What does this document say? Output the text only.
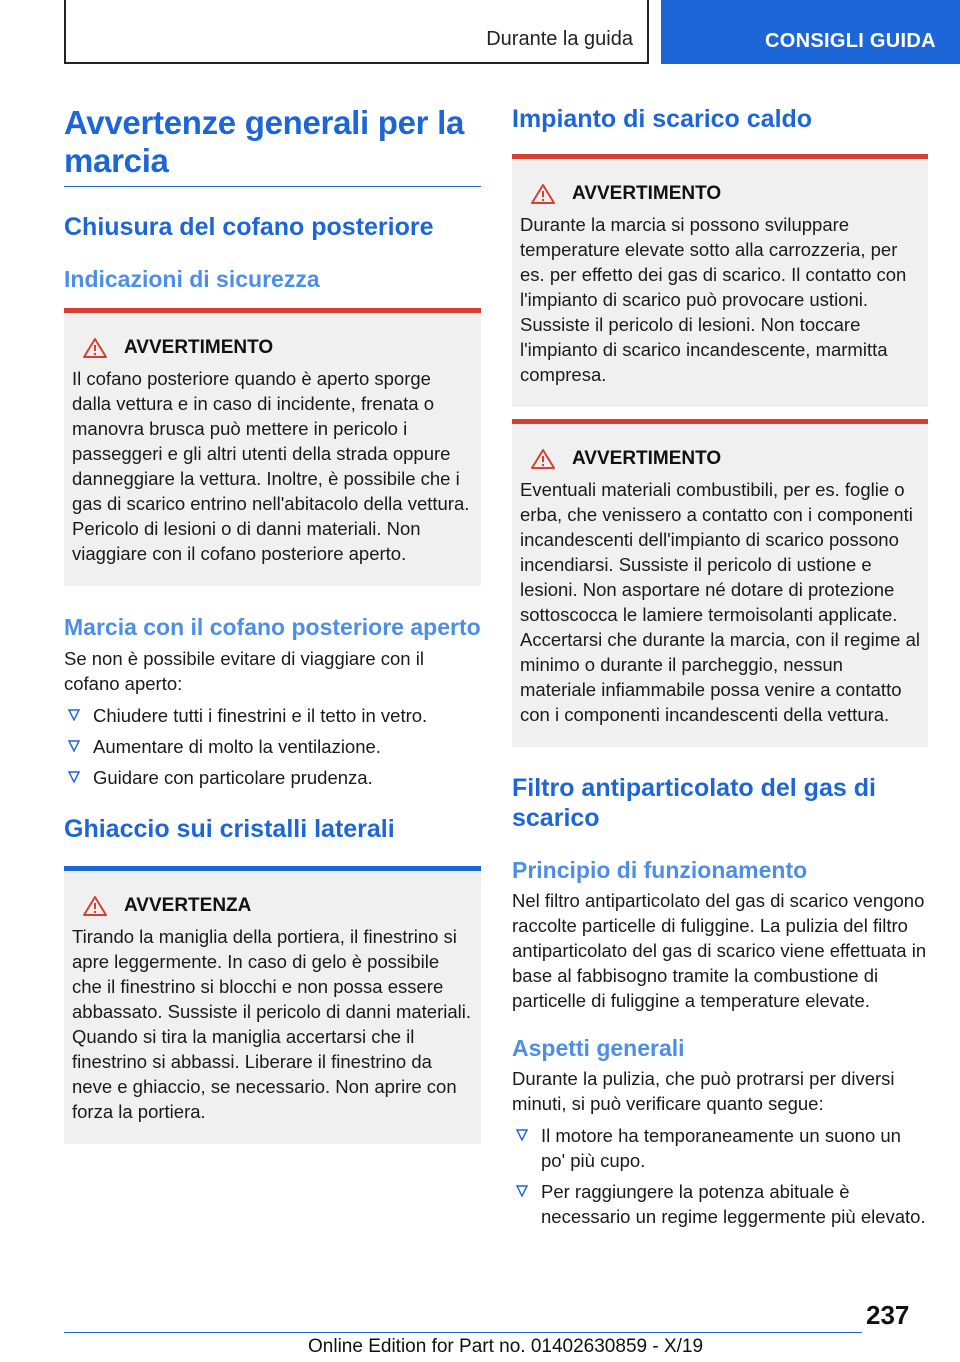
Durante la guida	CONSIGLI GUIDA
Avvertenze generali per la marcia
Chiusura del cofano posteriore
Indicazioni di sicurezza
AVVERTIMENTO

Il cofano posteriore quando è aperto sporge dalla vettura e in caso di incidente, frenata o manovra brusca può mettere in pericolo i passeggeri e gli altri utenti della strada oppure danneggiare la vettura. Inoltre, è possibile che i gas di scarico entrino nell'abitacolo della vettura. Pericolo di lesioni o di danni materiali. Non viaggiare con il cofano posteriore aperto.

Marcia con il cofano posteriore aperto

Se non è possibile evitare di viaggiare con il cofano aperto:

Chiudere tutti i finestrini e il tetto in vetro.
Aumentare di molto la ventilazione.
Guidare con particolare prudenza.
Ghiaccio sui cristalli laterali
AVVERTENZA

Tirando la maniglia della portiera, il finestrino si apre leggermente. In caso di gelo è possibile che il finestrino si blocchi e non possa essere abbassato. Sussiste il pericolo di danni materiali. Quando si tira la maniglia accertarsi che il finestrino si abbassi. Liberare il finestrino da neve e ghiaccio, se necessario. Non aprire con forza la portiera.

Impianto di scarico caldo
AVVERTIMENTO

Durante la marcia si possono sviluppare temperature elevate sotto alla carrozzeria, per es. per effetto dei gas di scarico. Il contatto con l'impianto di scarico può provocare ustioni. Sussiste il pericolo di lesioni. Non toccare l'impianto di scarico incandescente, marmitta compresa.

AVVERTIMENTO

Eventuali materiali combustibili, per es. foglie o erba, che venissero a contatto con i componenti incandescenti dell'impianto di scarico possono incendiarsi. Sussiste il pericolo di ustione e lesioni. Non asportare né dotare di protezione sottoscocca le lamiere termoisolanti applicate. Accertarsi che durante la marcia, con il regime al minimo o durante il parcheggio, nessun materiale infiammabile possa venire a contatto con i componenti incandescenti della vettura.

Filtro antiparticolato del gas di scarico
Principio di funzionamento

Nel filtro antiparticolato del gas di scarico vengono raccolte particelle di fuliggine. La pulizia del filtro antiparticolato del gas di scarico viene effettuata in base al fabbisogno tramite la combustione di particelle di fuliggine a temperature elevate.

Aspetti generali

Durante la pulizia, che può protrarsi per diversi minuti, si può verificare quanto segue:

Il motore ha temporaneamente un suono un po' più cupo.
Per raggiungere la potenza abituale è necessario un regime leggermente più elevato.
237
Online Edition for Part no. 01402630859 - X/19
